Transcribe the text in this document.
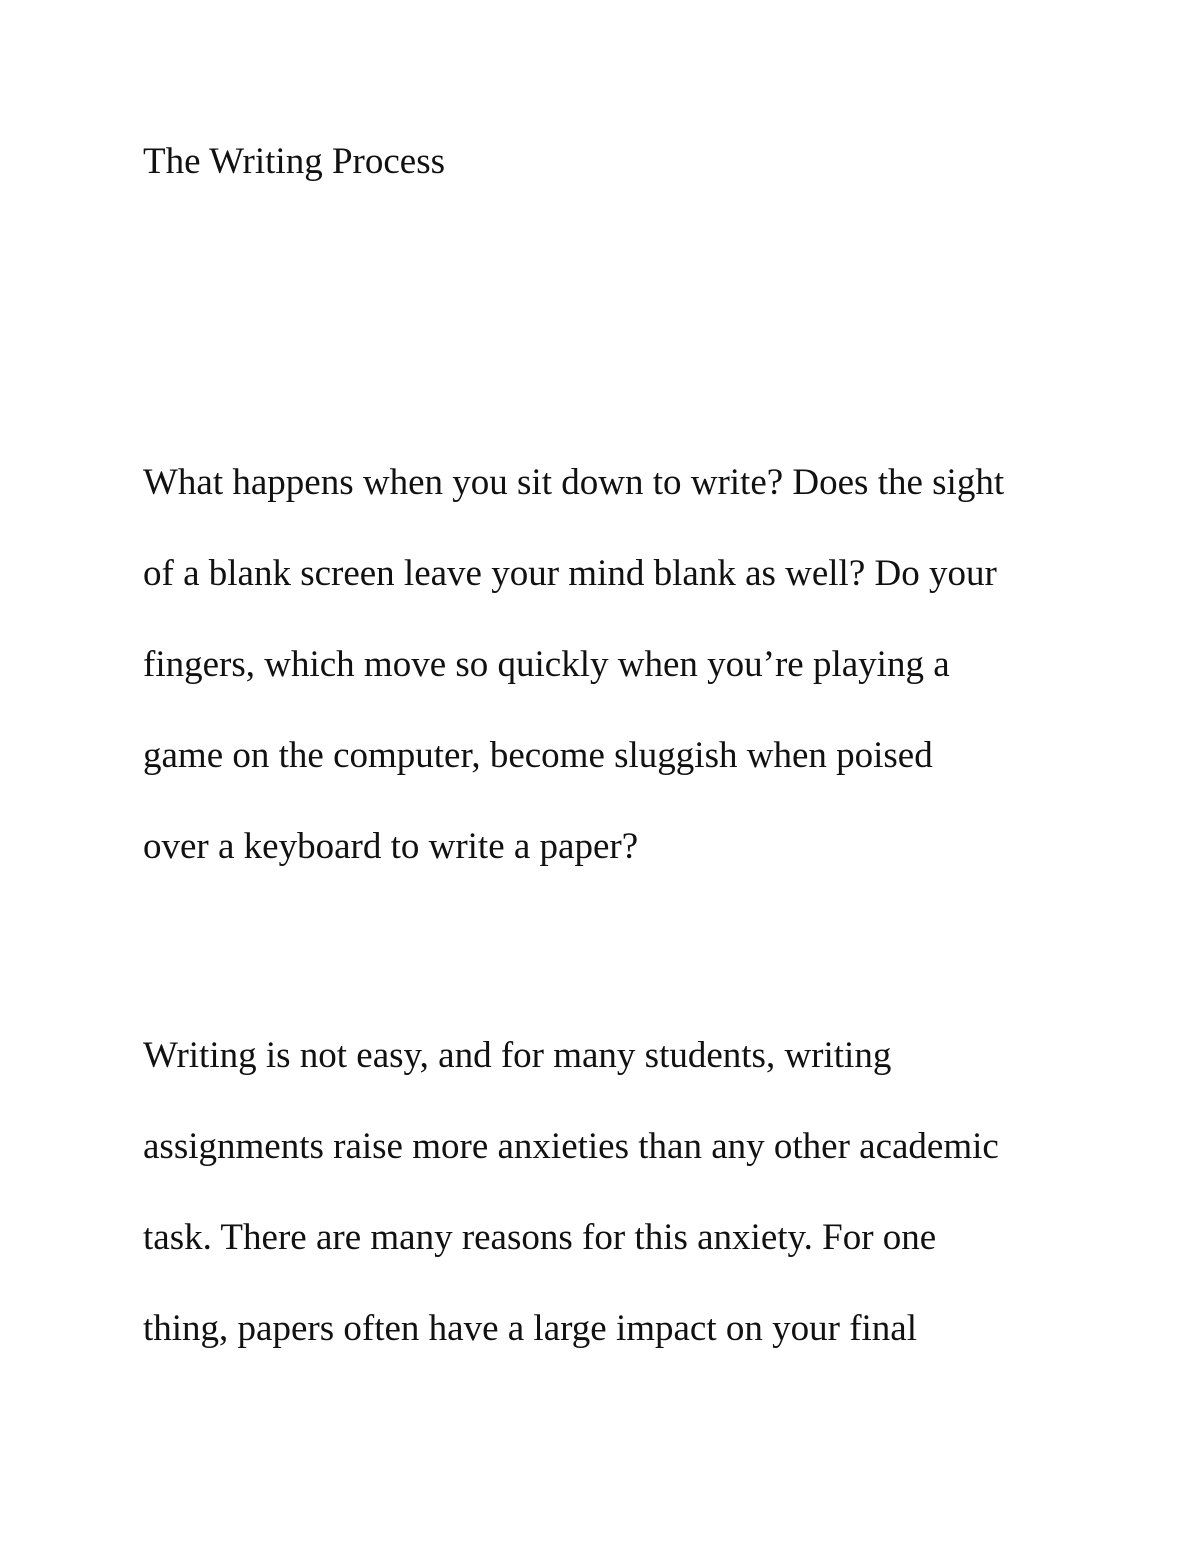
The Writing Process
What happens when you sit down to write? Does the sight
of a blank screen leave your mind blank as well? Do your
fingers, which move so quickly when you’re playing a
game on the computer, become sluggish when poised
over a keyboard to write a paper?
Writing is not easy, and for many students, writing
assignments raise more anxieties than any other academic
task. There are many reasons for this anxiety. For one
thing, papers often have a large impact on your final
